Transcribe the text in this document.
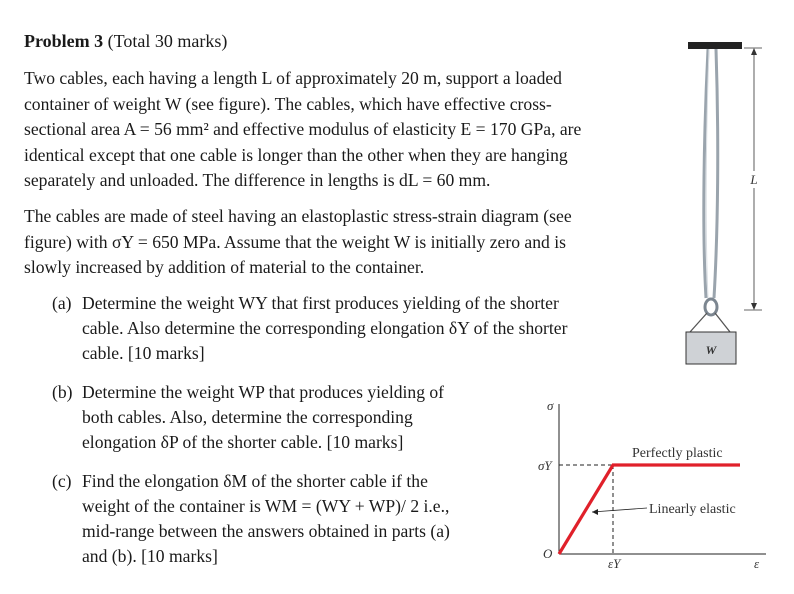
Problem 3 (Total 30 marks)
Two cables, each having a length L of approximately 20 m, support a loaded
container of weight W (see figure). The cables, which have effective cross-
sectional area A = 56 mm² and effective modulus of elasticity E = 170 GPa, are
identical except that one cable is longer than the other when they are hanging
separately and unloaded. The difference in lengths is dL = 60 mm.
The cables are made of steel having an elastoplastic stress-strain diagram (see
figure) with σY = 650 MPa. Assume that the weight W is initially zero and is
slowly increased by addition of material to the container.
(a) Determine the weight WY that first produces yielding of the shorter
cable. Also determine the corresponding elongation δY of the shorter
cable. [10 marks]
(b) Determine the weight WP that produces yielding of
both cables. Also, determine the corresponding
elongation δP of the shorter cable. [10 marks]
(c) Find the elongation δM of the shorter cable if the
weight of the container is WM = (WY + WP)/ 2 i.e.,
mid-range between the answers obtained in parts (a)
and (b). [10 marks]
W
L
σ
σY
O
εY	ε
Perfectly plastic
Linearly elastic
